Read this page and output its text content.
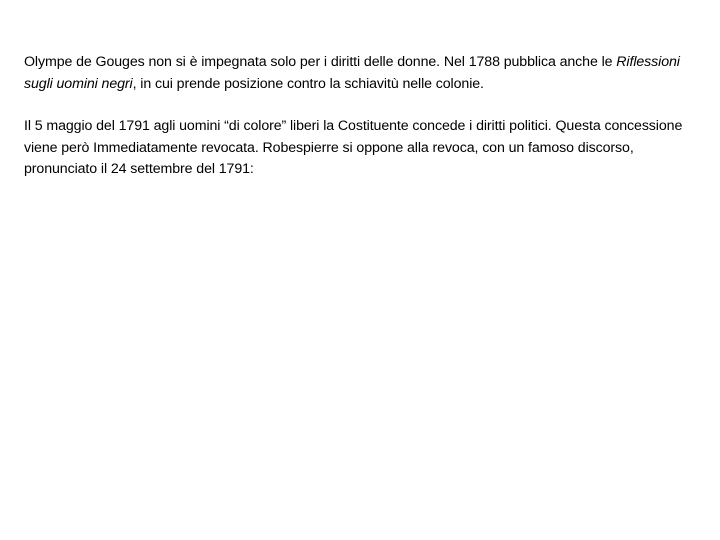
Olympe de Gouges non si è impegnata solo per i diritti delle donne. Nel 1788 pubblica anche le Riflessioni sugli uomini negri, in cui prende posizione contro la schiavitù nelle colonie.

Il 5 maggio del 1791 agli uomini “di colore” liberi la Costituente concede i diritti politici. Questa concessione viene però Immediatamente revocata. Robespierre si oppone alla revoca, con un famoso discorso, pronunciato il 24 settembre del 1791:
